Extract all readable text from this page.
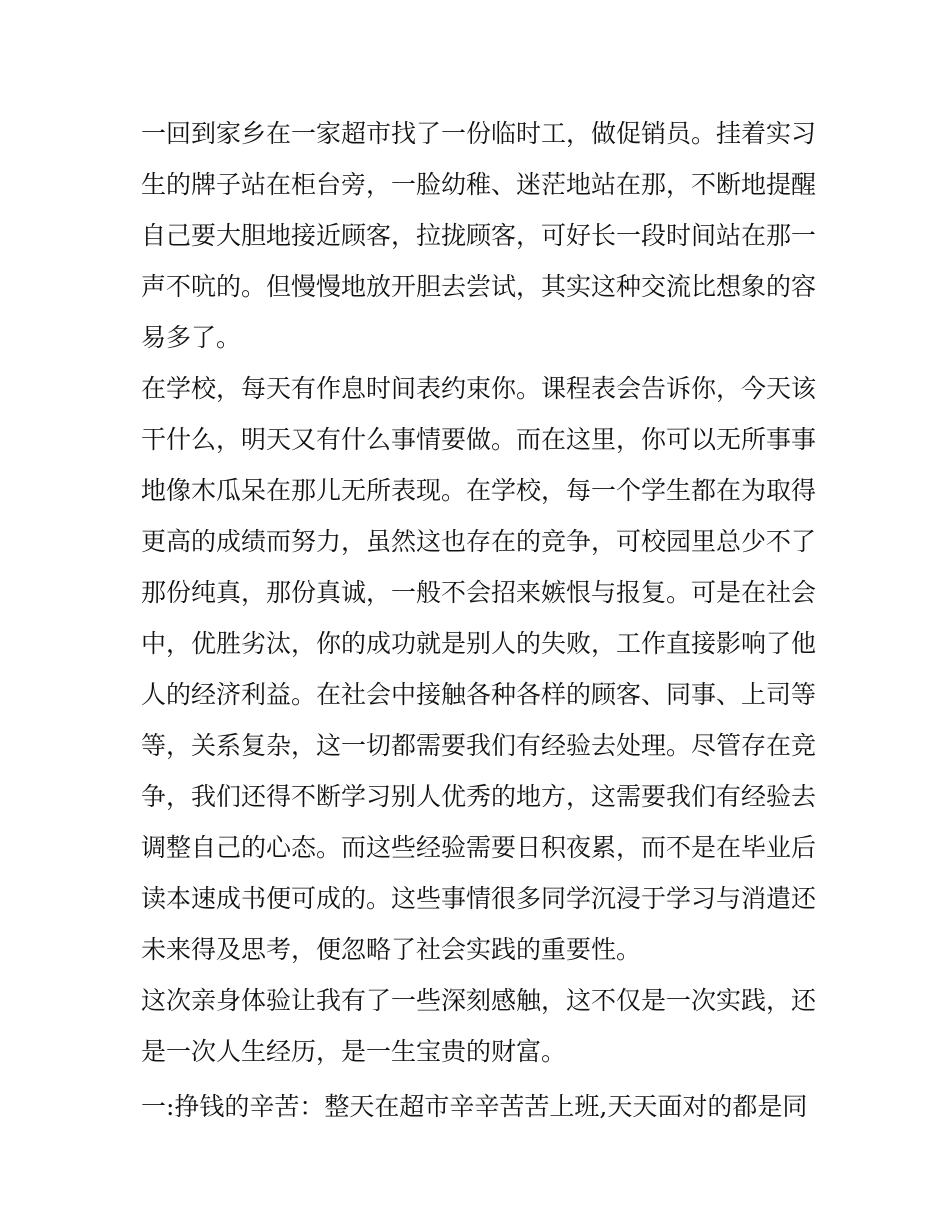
一回到家乡在一家超市找了一份临时工，做促销员。挂着实习
生的牌子站在柜台旁，一脸幼稚、迷茫地站在那，不断地提醒
自己要大胆地接近顾客，拉拢顾客，可好长一段时间站在那一
声不吭的。但慢慢地放开胆去尝试，其实这种交流比想象的容
易多了。
在学校，每天有作息时间表约束你。课程表会告诉你，今天该
干什么，明天又有什么事情要做。而在这里，你可以无所事事
地像木瓜呆在那儿无所表现。在学校，每一个学生都在为取得
更高的成绩而努力，虽然这也存在的竞争，可校园里总少不了
那份纯真，那份真诚，一般不会招来嫉恨与报复。可是在社会
中，优胜劣汰，你的成功就是别人的失败，工作直接影响了他
人的经济利益。在社会中接触各种各样的顾客、同事、上司等
等，关系复杂，这一切都需要我们有经验去处理。尽管存在竞
争，我们还得不断学习别人优秀的地方，这需要我们有经验去
调整自己的心态。而这些经验需要日积夜累，而不是在毕业后
读本速成书便可成的。这些事情很多同学沉浸于学习与消遣还
未来得及思考，便忽略了社会实践的重要性。
这次亲身体验让我有了一些深刻感触，这不仅是一次实践，还
是一次人生经历，是一生宝贵的财富。
一:挣钱的辛苦：整天在超市辛辛苦苦上班,天天面对的都是同
